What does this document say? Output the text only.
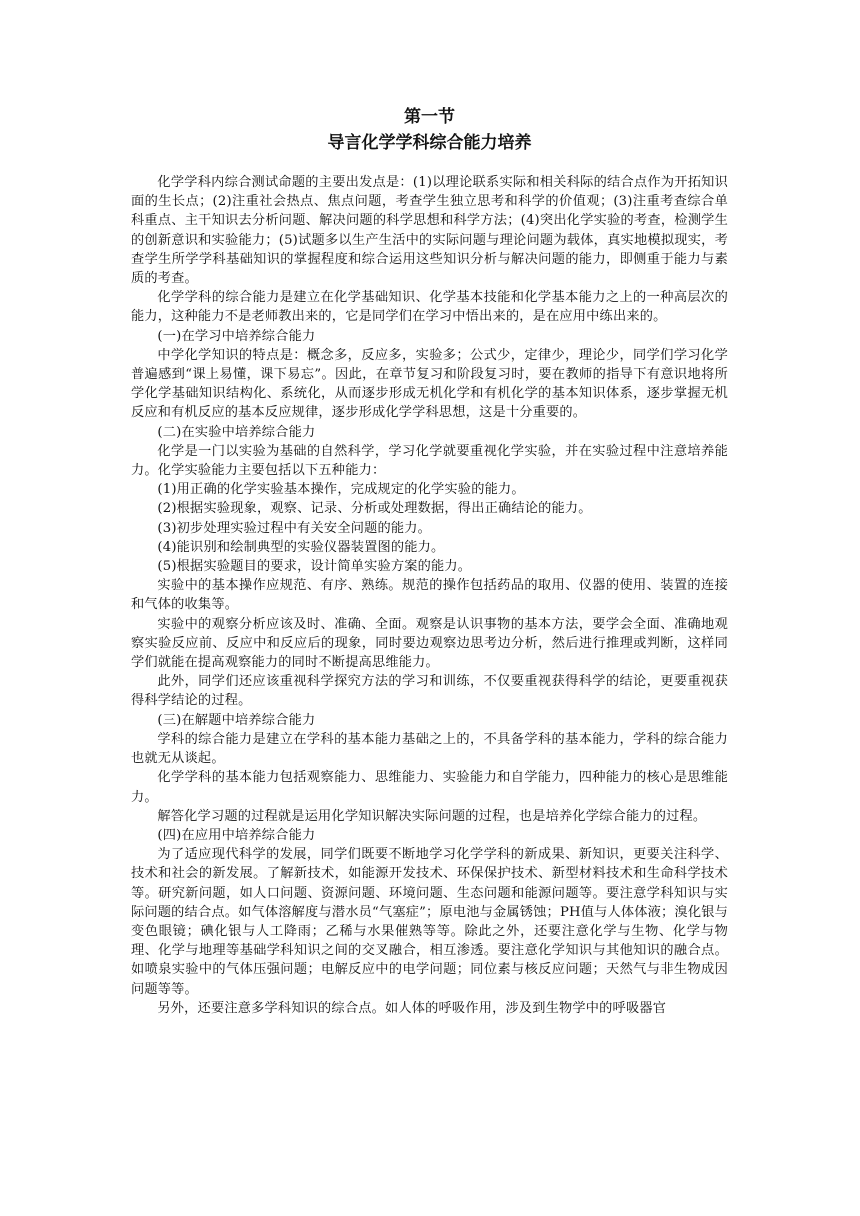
第一节
导言化学学科综合能力培养

化学学科内综合测试命题的主要出发点是：(1)以理论联系实际和相关科际的结合点作为开拓知识面的生长点；(2)注重社会热点、焦点问题，考查学生独立思考和科学的价值观；(3)注重考查综合单科重点、主干知识去分析问题、解决问题的科学思想和科学方法；(4)突出化学实验的考查，检测学生的创新意识和实验能力；(5)试题多以生产生活中的实际问题与理论问题为载体，真实地模拟现实，考查学生所学学科基础知识的掌握程度和综合运用这些知识分析与解决问题的能力，即侧重于能力与素质的考查。

化学学科的综合能力是建立在化学基础知识、化学基本技能和化学基本能力之上的一种高层次的能力，这种能力不是老师教出来的，它是同学们在学习中悟出来的，是在应用中练出来的。

(一)在学习中培养综合能力

中学化学知识的特点是：概念多，反应多，实验多；公式少，定律少，理论少，同学们学习化学普遍感到“课上易懂，课下易忘”。因此，在章节复习和阶段复习时，要在教师的指导下有意识地将所学化学基础知识结构化、系统化，从而逐步形成无机化学和有机化学的基本知识体系，逐步掌握无机反应和有机反应的基本反应规律，逐步形成化学学科思想，这是十分重要的。

(二)在实验中培养综合能力

化学是一门以实验为基础的自然科学，学习化学就要重视化学实验，并在实验过程中注意培养能力。化学实验能力主要包括以下五种能力：

(1)用正确的化学实验基本操作，完成规定的化学实验的能力。

(2)根据实验现象，观察、记录、分析或处理数据，得出正确结论的能力。

(3)初步处理实验过程中有关安全问题的能力。

(4)能识别和绘制典型的实验仪器装置图的能力。

(5)根据实验题目的要求，设计简单实验方案的能力。

实验中的基本操作应规范、有序、熟练。规范的操作包括药品的取用、仪器的使用、装置的连接和气体的收集等。

实验中的观察分析应该及时、准确、全面。观察是认识事物的基本方法，要学会全面、准确地观察实验反应前、反应中和反应后的现象，同时要边观察边思考边分析，然后进行推理或判断，这样同学们就能在提高观察能力的同时不断提高思维能力。

此外，同学们还应该重视科学探究方法的学习和训练，不仅要重视获得科学的结论，更要重视获得科学结论的过程。

(三)在解题中培养综合能力

学科的综合能力是建立在学科的基本能力基础之上的，不具备学科的基本能力，学科的综合能力也就无从谈起。

化学学科的基本能力包括观察能力、思维能力、实验能力和自学能力，四种能力的核心是思维能力。

解答化学习题的过程就是运用化学知识解决实际问题的过程，也是培养化学综合能力的过程。

(四)在应用中培养综合能力

为了适应现代科学的发展，同学们既要不断地学习化学学科的新成果、新知识，更要关注科学、技术和社会的新发展。了解新技术，如能源开发技术、环保保护技术、新型材料技术和生命科学技术等。研究新问题，如人口问题、资源问题、环境问题、生态问题和能源问题等。要注意学科知识与实际问题的结合点。如气体溶解度与潜水员“气塞症”；原电池与金属锈蚀；PH值与人体体液；溴化银与变色眼镜；碘化银与人工降雨；乙稀与水果催熟等等。除此之外，还要注意化学与生物、化学与物理、化学与地理等基础学科知识之间的交叉融合，相互渗透。要注意化学知识与其他知识的融合点。如喷泉实验中的气体压强问题；电解反应中的电学问题；同位素与核反应问题；天然气与非生物成因问题等等。

另外，还要注意多学科知识的综合点。如人体的呼吸作用，涉及到生物学中的呼吸器官
